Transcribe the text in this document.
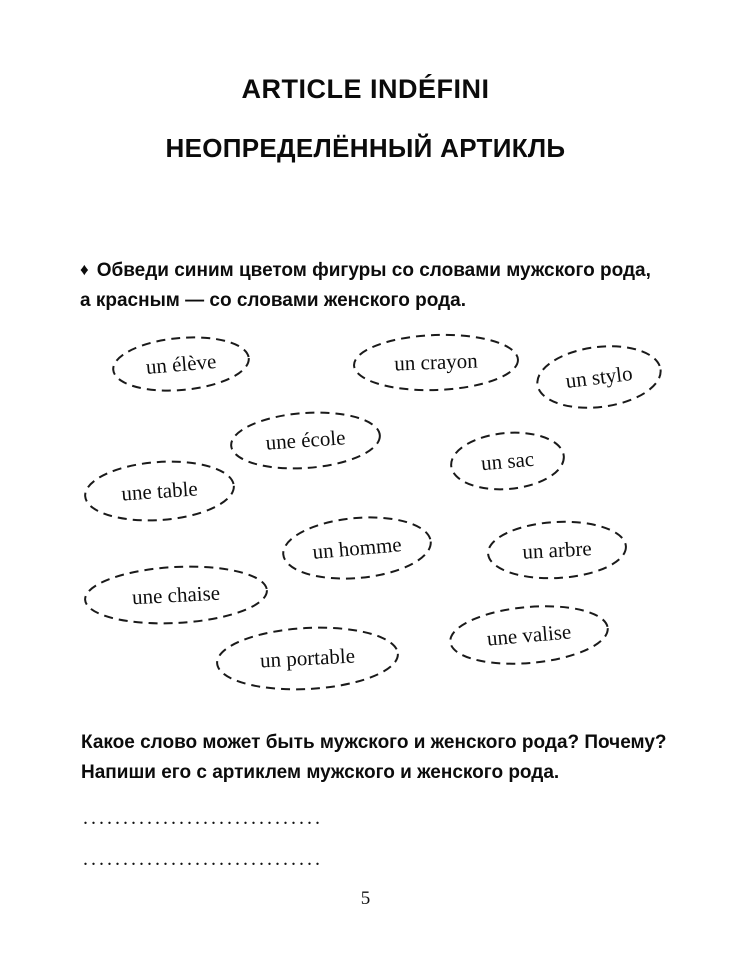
ARTICLE INDÉFINI
НЕОПРЕДЕЛЁННЫЙ АРТИКЛЬ

♦ Обведи синим цветом фигуры со словами мужского рода,
а красным — со словами женского рода.

un élève	un crayon	un stylo
une école
un sac
une table
un homme	un arbre
une chaise
une valise
un portable

Какое слово может быть мужского и женского рода? Почему?
Напиши его с артиклем мужского и женского рода.

..............................
..............................
5
